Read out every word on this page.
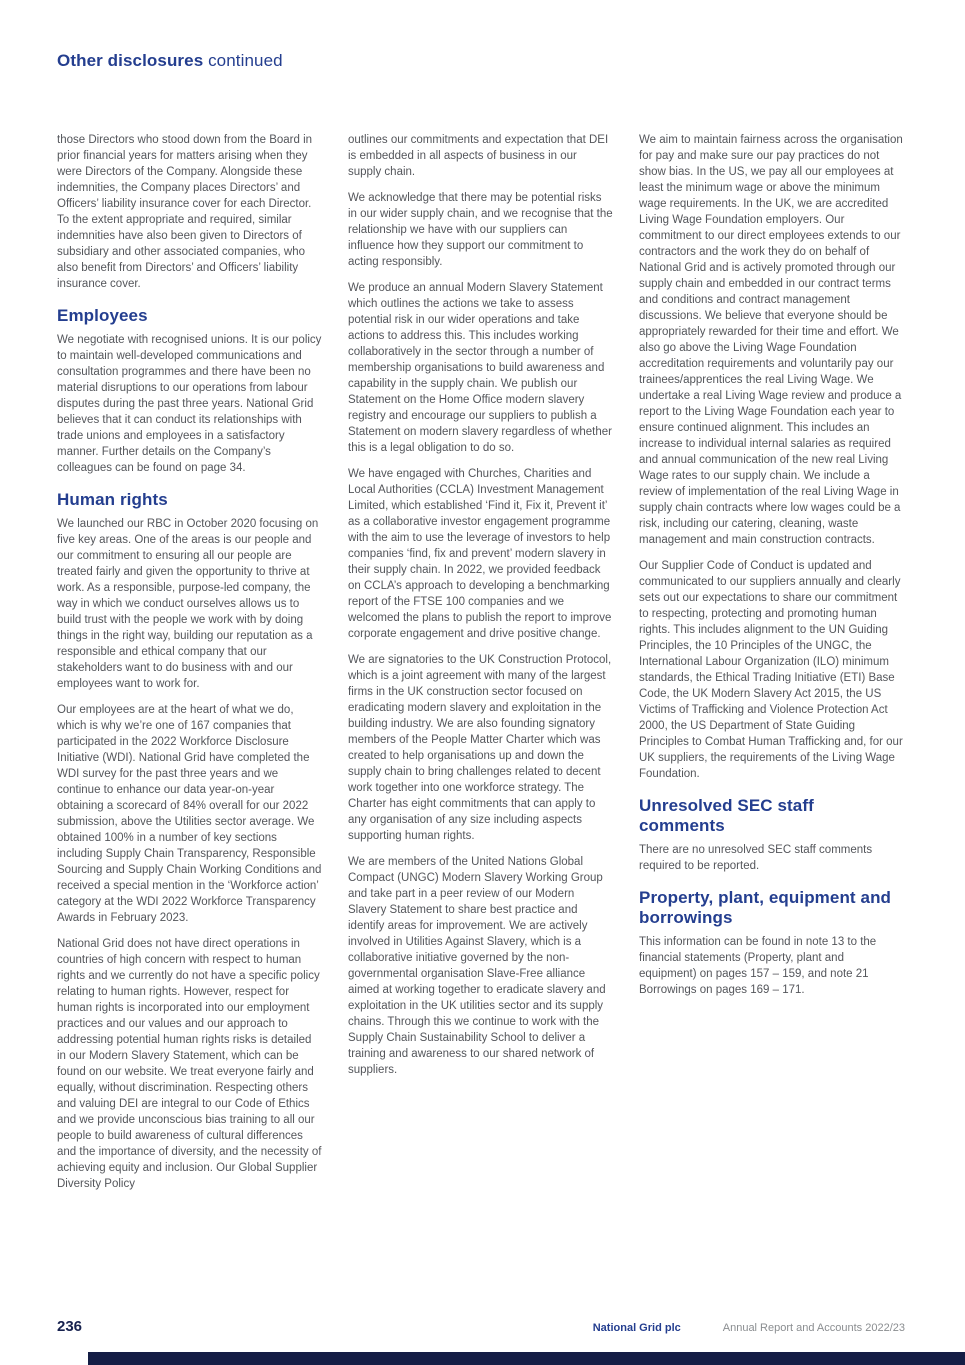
Other disclosures continued

those Directors who stood down from the Board in prior financial years for matters arising when they were Directors of the Company. Alongside these indemnities, the Company places Directors’ and Officers’ liability insurance cover for each Director. To the extent appropriate and required, similar indemnities have also been given to Directors of subsidiary and other associated companies, who also benefit from Directors’ and Officers’ liability insurance cover.

Employees

We negotiate with recognised unions. It is our policy to maintain well-developed communications and consultation programmes and there have been no material disruptions to our operations from labour disputes during the past three years. National Grid believes that it can conduct its relationships with trade unions and employees in a satisfactory manner. Further details on the Company’s colleagues can be found on page 34.

Human rights

We launched our RBC in October 2020 focusing on five key areas. One of the areas is our people and our commitment to ensuring all our people are treated fairly and given the opportunity to thrive at work. As a responsible, purpose-led company, the way in which we conduct ourselves allows us to build trust with the people we work with by doing things in the right way, building our reputation as a responsible and ethical company that our stakeholders want to do business with and our employees want to work for.

Our employees are at the heart of what we do, which is why we’re one of 167 companies that participated in the 2022 Workforce Disclosure Initiative (WDI). National Grid have completed the WDI survey for the past three years and we continue to enhance our data year-on-year obtaining a scorecard of 84% overall for our 2022 submission, above the Utilities sector average. We obtained 100% in a number of key sections including Supply Chain Transparency, Responsible Sourcing and Supply Chain Working Conditions and received a special mention in the ‘Workforce action’ category at the WDI 2022 Workforce Transparency Awards in February 2023.

National Grid does not have direct operations in countries of high concern with respect to human rights and we currently do not have a specific policy relating to human rights. However, respect for human rights is incorporated into our employment practices and our values and our approach to addressing potential human rights risks is detailed in our Modern Slavery Statement, which can be found on our website. We treat everyone fairly and equally, without discrimination. Respecting others and valuing DEI are integral to our Code of Ethics and we provide unconscious bias training to all our people to build awareness of cultural differences and the importance of diversity, and the necessity of achieving equity and inclusion. Our Global Supplier Diversity Policy

outlines our commitments and expectation that DEI is embedded in all aspects of business in our supply chain.

We acknowledge that there may be potential risks in our wider supply chain, and we recognise that the relationship we have with our suppliers can influence how they support our commitment to acting responsibly.

We produce an annual Modern Slavery Statement which outlines the actions we take to assess potential risk in our wider operations and take actions to address this. This includes working collaboratively in the sector through a number of membership organisations to build awareness and capability in the supply chain. We publish our Statement on the Home Office modern slavery registry and encourage our suppliers to publish a Statement on modern slavery regardless of whether this is a legal obligation to do so.

We have engaged with Churches, Charities and Local Authorities (CCLA) Investment Management Limited, which established ‘Find it, Fix it, Prevent it’ as a collaborative investor engagement programme with the aim to use the leverage of investors to help companies ‘find, fix and prevent’ modern slavery in their supply chain. In 2022, we provided feedback on CCLA’s approach to developing a benchmarking report of the FTSE 100 companies and we welcomed the plans to publish the report to improve corporate engagement and drive positive change.

We are signatories to the UK Construction Protocol, which is a joint agreement with many of the largest firms in the UK construction sector focused on eradicating modern slavery and exploitation in the building industry. We are also founding signatory members of the People Matter Charter which was created to help organisations up and down the supply chain to bring challenges related to decent work together into one workforce strategy. The Charter has eight commitments that can apply to any organisation of any size including aspects supporting human rights.

We are members of the United Nations Global Compact (UNGC) Modern Slavery Working Group and take part in a peer review of our Modern Slavery Statement to share best practice and identify areas for improvement. We are actively involved in Utilities Against Slavery, which is a collaborative initiative governed by the non-governmental organisation Slave-Free alliance aimed at working together to eradicate slavery and exploitation in the UK utilities sector and its supply chains. Through this we continue to work with the Supply Chain Sustainability School to deliver a training and awareness to our shared network of suppliers.

We aim to maintain fairness across the organisation for pay and make sure our pay practices do not show bias. In the US, we pay all our employees at least the minimum wage or above the minimum wage requirements. In the UK, we are accredited Living Wage Foundation employers. Our commitment to our direct employees extends to our contractors and the work they do on behalf of National Grid and is actively promoted through our supply chain and embedded in our contract terms and conditions and contract management discussions. We believe that everyone should be appropriately rewarded for their time and effort. We also go above the Living Wage Foundation accreditation requirements and voluntarily pay our trainees/apprentices the real Living Wage. We undertake a real Living Wage review and produce a report to the Living Wage Foundation each year to ensure continued alignment. This includes an increase to individual internal salaries as required and annual communication of the new real Living Wage rates to our supply chain. We include a review of implementation of the real Living Wage in supply chain contracts where low wages could be a risk, including our catering, cleaning, waste management and main construction contracts.

Our Supplier Code of Conduct is updated and communicated to our suppliers annually and clearly sets out our expectations to share our commitment to respecting, protecting and promoting human rights. This includes alignment to the UN Guiding Principles, the 10 Principles of the UNGC, the International Labour Organization (ILO) minimum standards, the Ethical Trading Initiative (ETI) Base Code, the UK Modern Slavery Act 2015, the US Victims of Trafficking and Violence Protection Act 2000, the US Department of State Guiding Principles to Combat Human Trafficking and, for our UK suppliers, the requirements of the Living Wage Foundation.

Unresolved SEC staff comments

There are no unresolved SEC staff comments required to be reported.

Property, plant, equipment and borrowings

This information can be found in note 13 to the financial statements (Property, plant and equipment) on pages 157 – 159, and note 21 Borrowings on pages 169 – 171.

236	National Grid plc	Annual Report and Accounts 2022/23
